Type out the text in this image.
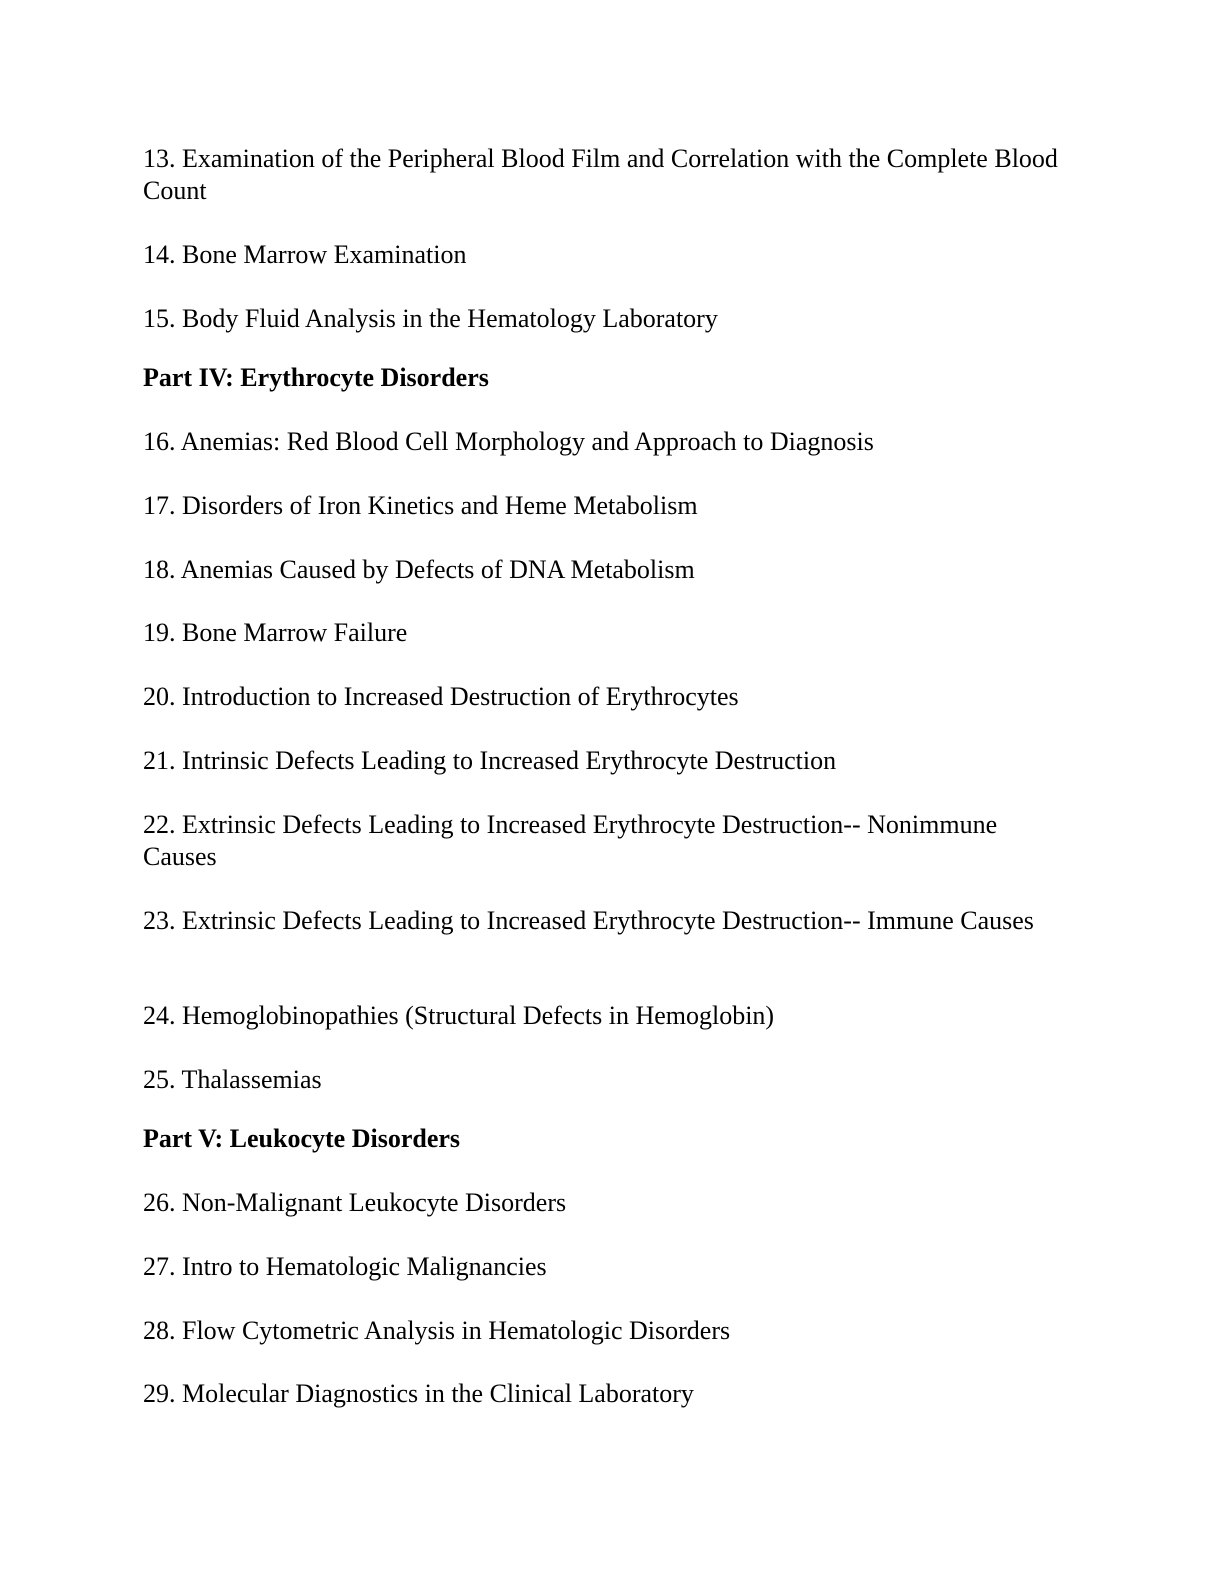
13. Examination of the Peripheral Blood Film and Correlation with the Complete Blood Count

14. Bone Marrow Examination

15. Body Fluid Analysis in the Hematology Laboratory

Part IV: Erythrocyte Disorders

16. Anemias: Red Blood Cell Morphology and Approach to Diagnosis

17. Disorders of Iron Kinetics and Heme Metabolism

18. Anemias Caused by Defects of DNA Metabolism

19. Bone Marrow Failure

20. Introduction to Increased Destruction of Erythrocytes

21. Intrinsic Defects Leading to Increased Erythrocyte Destruction

22. Extrinsic Defects Leading to Increased Erythrocyte Destruction-- Nonimmune Causes

23. Extrinsic Defects Leading to Increased Erythrocyte Destruction-- Immune Causes

24. Hemoglobinopathies (Structural Defects in Hemoglobin)

25. Thalassemias

Part V: Leukocyte Disorders

26. Non-Malignant Leukocyte Disorders

27. Intro to Hematologic Malignancies

28. Flow Cytometric Analysis in Hematologic Disorders

29. Molecular Diagnostics in the Clinical Laboratory
